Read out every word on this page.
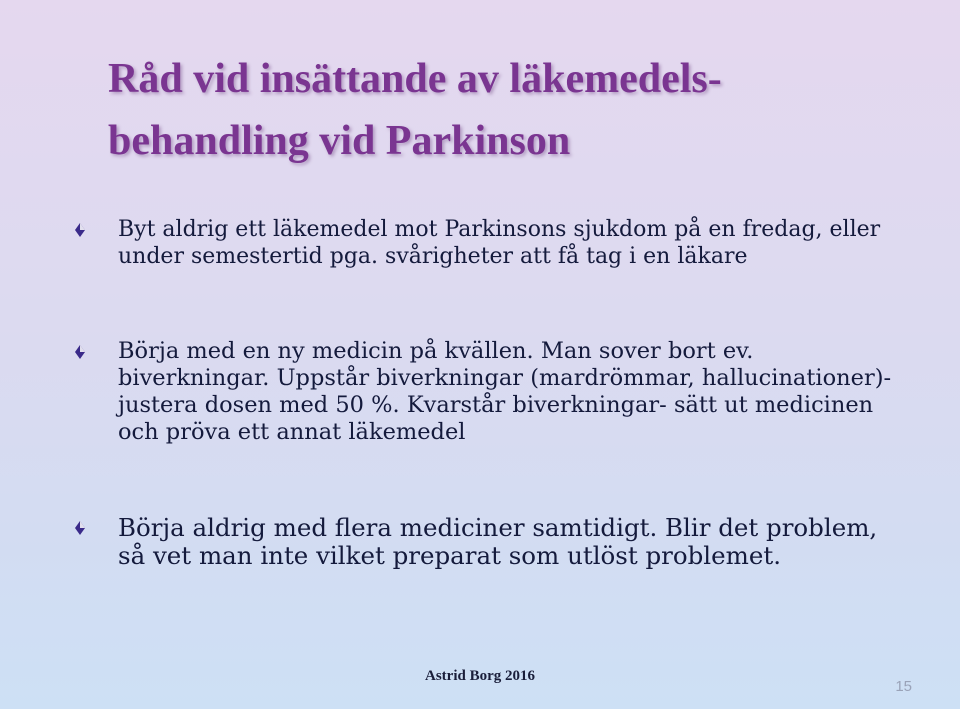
Råd vid insättande av läkemedels-
behandling vid Parkinson
Byt aldrig ett läkemedel mot Parkinsons sjukdom på en fredag, eller under semestertid pga. svårigheter att få tag i en läkare
Börja med en ny medicin på kvällen. Man sover bort ev. biverkningar. Uppstår biverkningar (mardrömmar, hallucinationer)- justera dosen med 50 %. Kvarstår biverkningar- sätt ut medicinen och pröva ett annat läkemedel
Börja aldrig med flera mediciner samtidigt. Blir det problem, så vet man inte vilket preparat som utlöst problemet.
Astrid Borg 2016
15
